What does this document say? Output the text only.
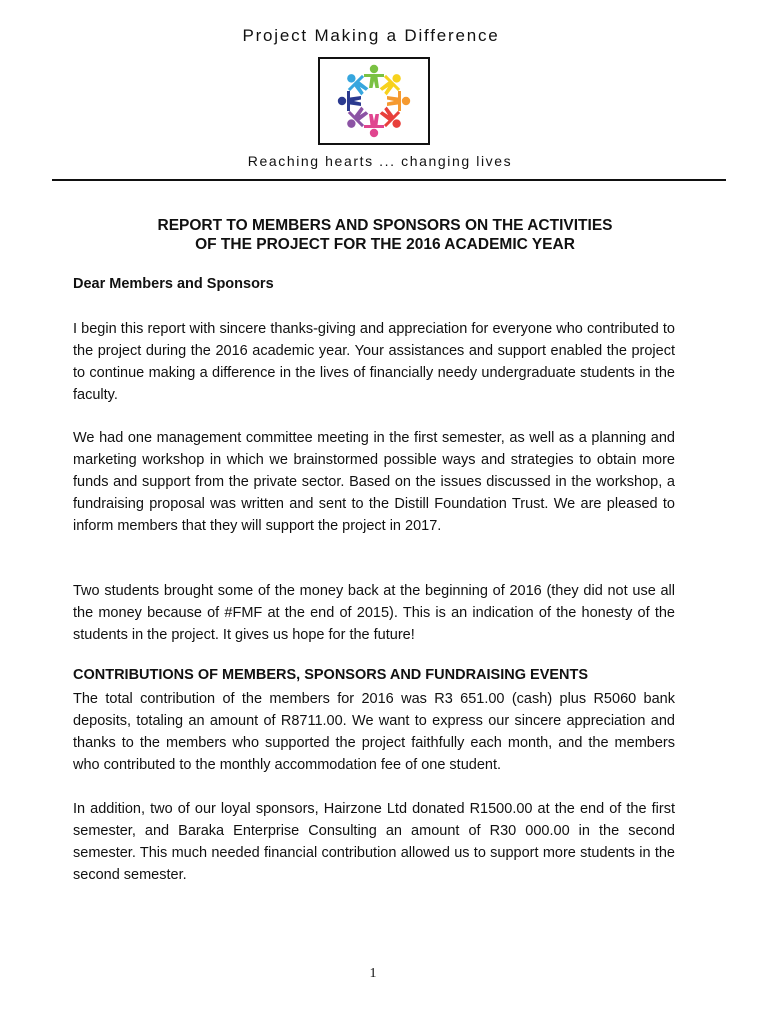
Project Making a Difference
Reaching hearts ... changing lives
REPORT TO MEMBERS AND SPONSORS ON THE ACTIVITIES
OF THE PROJECT FOR THE 2016 ACADEMIC YEAR
Dear Members and Sponsors

I begin this report with sincere thanks-giving and appreciation for everyone who contributed to the project during the 2016 academic year. Your assistances and support enabled the project to continue making a difference in the lives of financially needy undergraduate students in the faculty.

We had one management committee meeting in the first semester, as well as a planning and marketing workshop in which we brainstormed possible ways and strategies to obtain more funds and support from the private sector. Based on the issues discussed in the workshop, a fundraising proposal was written and sent to the Distill Foundation Trust. We are pleased to inform members that they will support the project in 2017.

Two students brought some of the money back at the beginning of 2016 (they did not use all the money because of #FMF at the end of 2015). This is an indication of the honesty of the students in the project. It gives us hope for the future!

CONTRIBUTIONS OF MEMBERS, SPONSORS AND FUNDRAISING EVENTS

The total contribution of the members for 2016 was R3 651.00 (cash) plus R5060 bank deposits, totaling an amount of R8711.00. We want to express our sincere appreciation and thanks to the members who supported the project faithfully each month, and the members who contributed to the monthly accommodation fee of one student.

In addition, two of our loyal sponsors, Hairzone Ltd donated R1500.00 at the end of the first semester, and Baraka Enterprise Consulting an amount of R30 000.00 in the second semester. This much needed financial contribution allowed us to support more students in the second semester.

1
